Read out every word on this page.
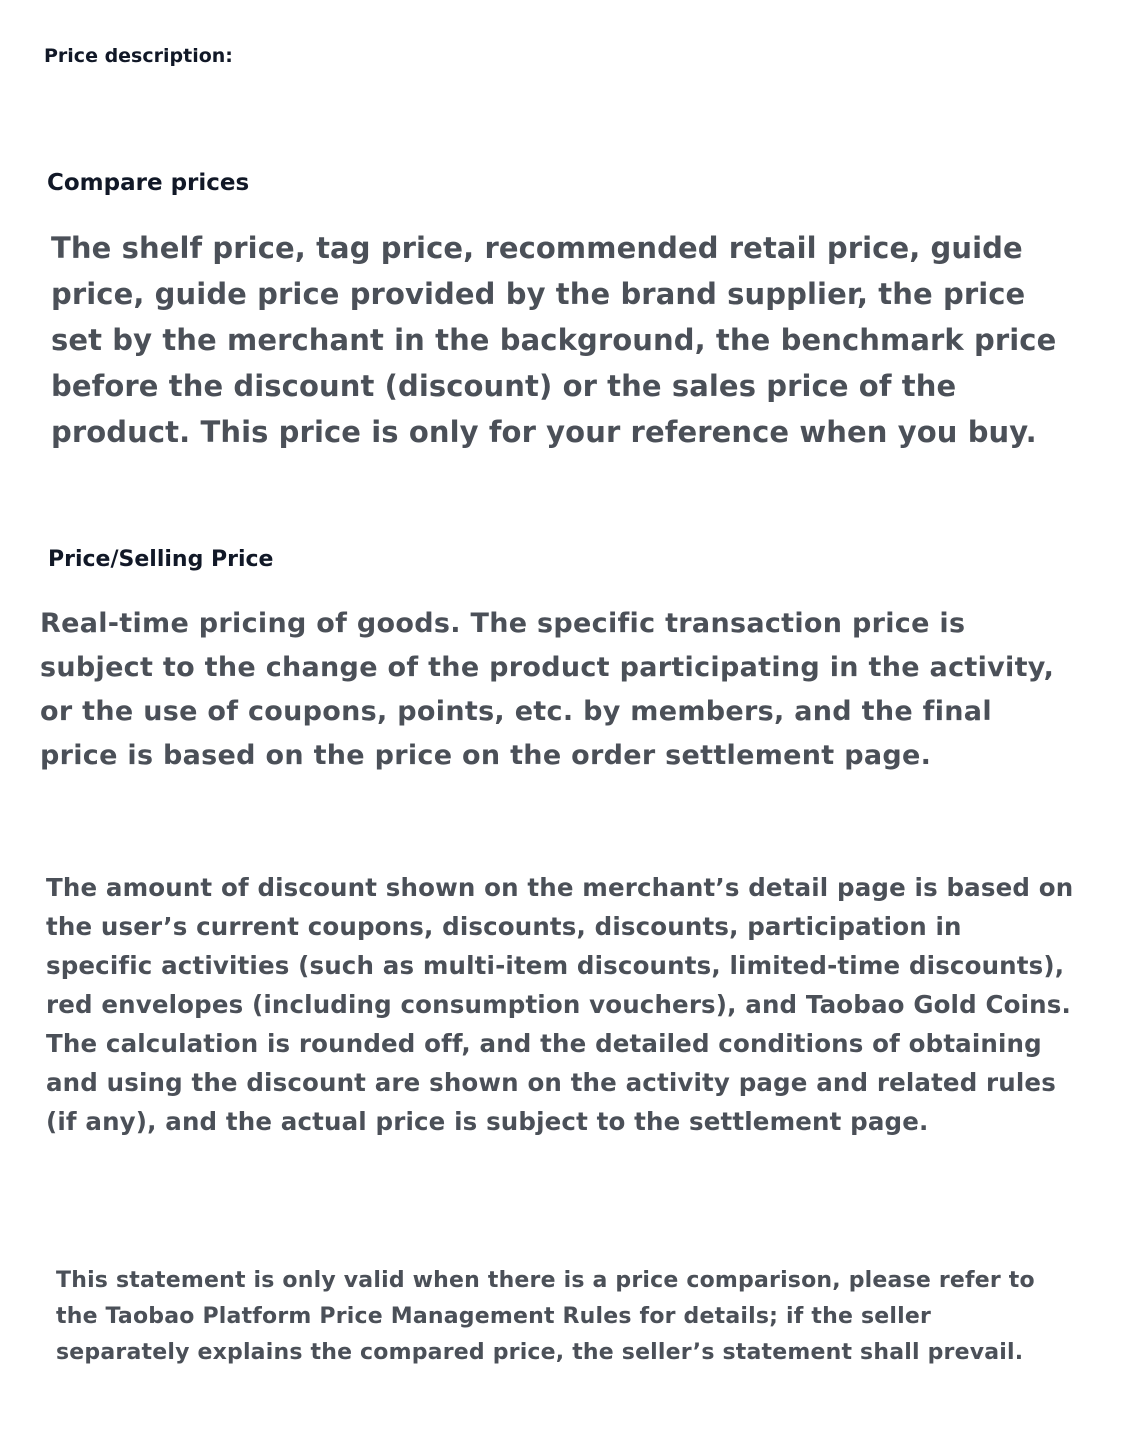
Price description:

Compare prices

The shelf price, tag price, recommended retail price, guide price, guide price provided by the brand supplier, the price set by the merchant in the background, the benchmark price before the discount (discount) or the sales price of the product. This price is only for your reference when you buy.

Price/Selling Price

Real-time pricing of goods. The specific transaction price is subject to the change of the product participating in the activity, or the use of coupons, points, etc. by members, and the final price is based on the price on the order settlement page.

The amount of discount shown on the merchant’s detail page is based on the user’s current coupons, discounts, discounts, participation in specific activities (such as multi-item discounts, limited-time discounts), red envelopes (including consumption vouchers), and Taobao Gold Coins. The calculation is rounded off, and the detailed conditions of obtaining and using the discount are shown on the activity page and related rules (if any), and the actual price is subject to the settlement page.

This statement is only valid when there is a price comparison, please refer to the Taobao Platform Price Management Rules for details; if the seller separately explains the compared price, the seller’s statement shall prevail.
